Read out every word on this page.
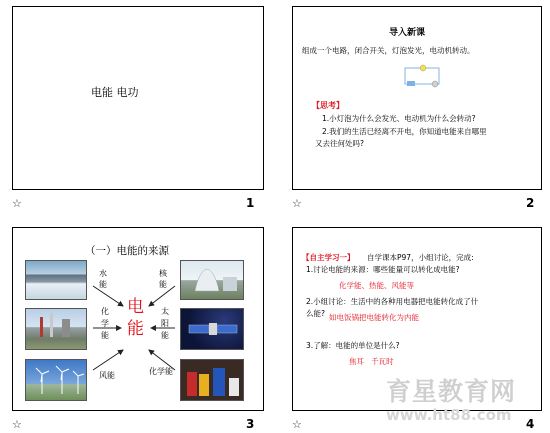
电能 电功
☆	1
导入新课
组成一个电路，闭合开关，灯泡发光，电动机转动。
【思考】
1.小灯泡为什么会发光、电动机为什么会转动?
2.我们的生活已经离不开电，你知道电能来自哪里
又去往何处吗?
☆	2
（一）电能的来源
水能
核能
化学能
太阳能
风能	化学能
电能
☆	3
【自主学习一】 自学课本P97，小组讨论，完成:
1.讨论电能的来源：哪些能量可以转化成电能?
化学能、热能、风能等
2.小组讨论：生活中的各种用电器把电能转化成了什
么能? 如电饭锅把电能转化为内能
3.了解：电能的单位是什么?
焦耳   千瓦时
☆	4
育星教育网
www.ht88.com
